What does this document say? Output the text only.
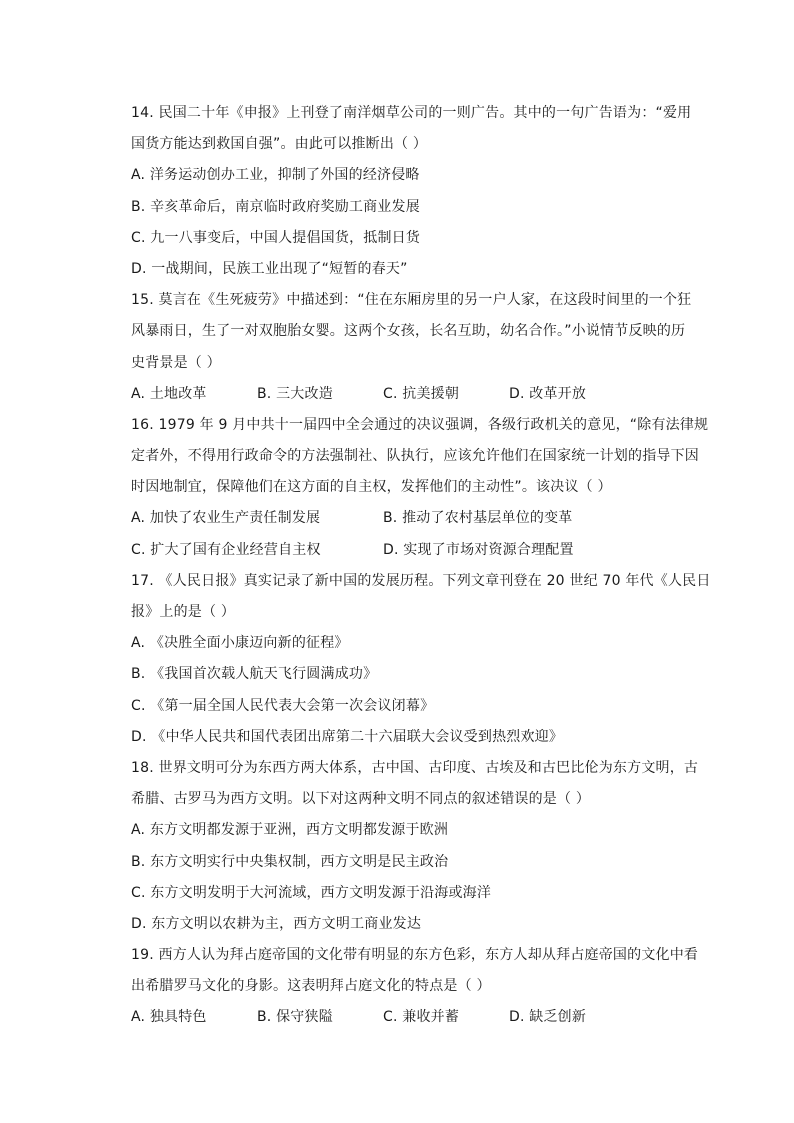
14. 民国二十年《申报》上刊登了南洋烟草公司的一则广告。其中的一句广告语为：“爱用
国货方能达到救国自强”。由此可以推断出（ ）
A. 洋务运动创办工业，抑制了外国的经济侵略
B. 辛亥革命后，南京临时政府奖励工商业发展
C. 九一八事变后，中国人提倡国货，抵制日货
D. 一战期间，民族工业出现了“短暂的春天”
15. 莫言在《生死疲劳》中描述到：“住在东厢房里的另一户人家，在这段时间里的一个狂
风暴雨日，生了一对双胞胎女婴。这两个女孩，长名互助，幼名合作。”小说情节反映的历
史背景是（ ）
A. 土地改革	B. 三大改造	C. 抗美援朝	D. 改革开放
16. 1979 年 9 月中共十一届四中全会通过的决议强调，各级行政机关的意见，“除有法律规
定者外，不得用行政命令的方法强制社、队执行，应该允许他们在国家统一计划的指导下因
时因地制宜，保障他们在这方面的自主权，发挥他们的主动性”。该决议（ ）
A. 加快了农业生产责任制发展	B. 推动了农村基层单位的变革
C. 扩大了国有企业经营自主权	D. 实现了市场对资源合理配置
17. 《人民日报》真实记录了新中国的发展历程。下列文章刊登在 20 世纪 70 年代《人民日
报》上的是（ ）
A. 《决胜全面小康迈向新的征程》
B. 《我国首次载人航天飞行圆满成功》
C. 《第一届全国人民代表大会第一次会议闭幕》
D. 《中华人民共和国代表团出席第二十六届联大会议受到热烈欢迎》
18. 世界文明可分为东西方两大体系，古中国、古印度、古埃及和古巴比伦为东方文明，古
希腊、古罗马为西方文明。以下对这两种文明不同点的叙述错误的是（ ）
A. 东方文明都发源于亚洲，西方文明都发源于欧洲
B. 东方文明实行中央集权制，西方文明是民主政治
C. 东方文明发明于大河流域，西方文明发源于沿海或海洋
D. 东方文明以农耕为主，西方文明工商业发达
19. 西方人认为拜占庭帝国的文化带有明显的东方色彩，东方人却从拜占庭帝国的文化中看
出希腊罗马文化的身影。这表明拜占庭文化的特点是（ ）
A. 独具特色	B. 保守狭隘	C. 兼收并蓄	D. 缺乏创新
